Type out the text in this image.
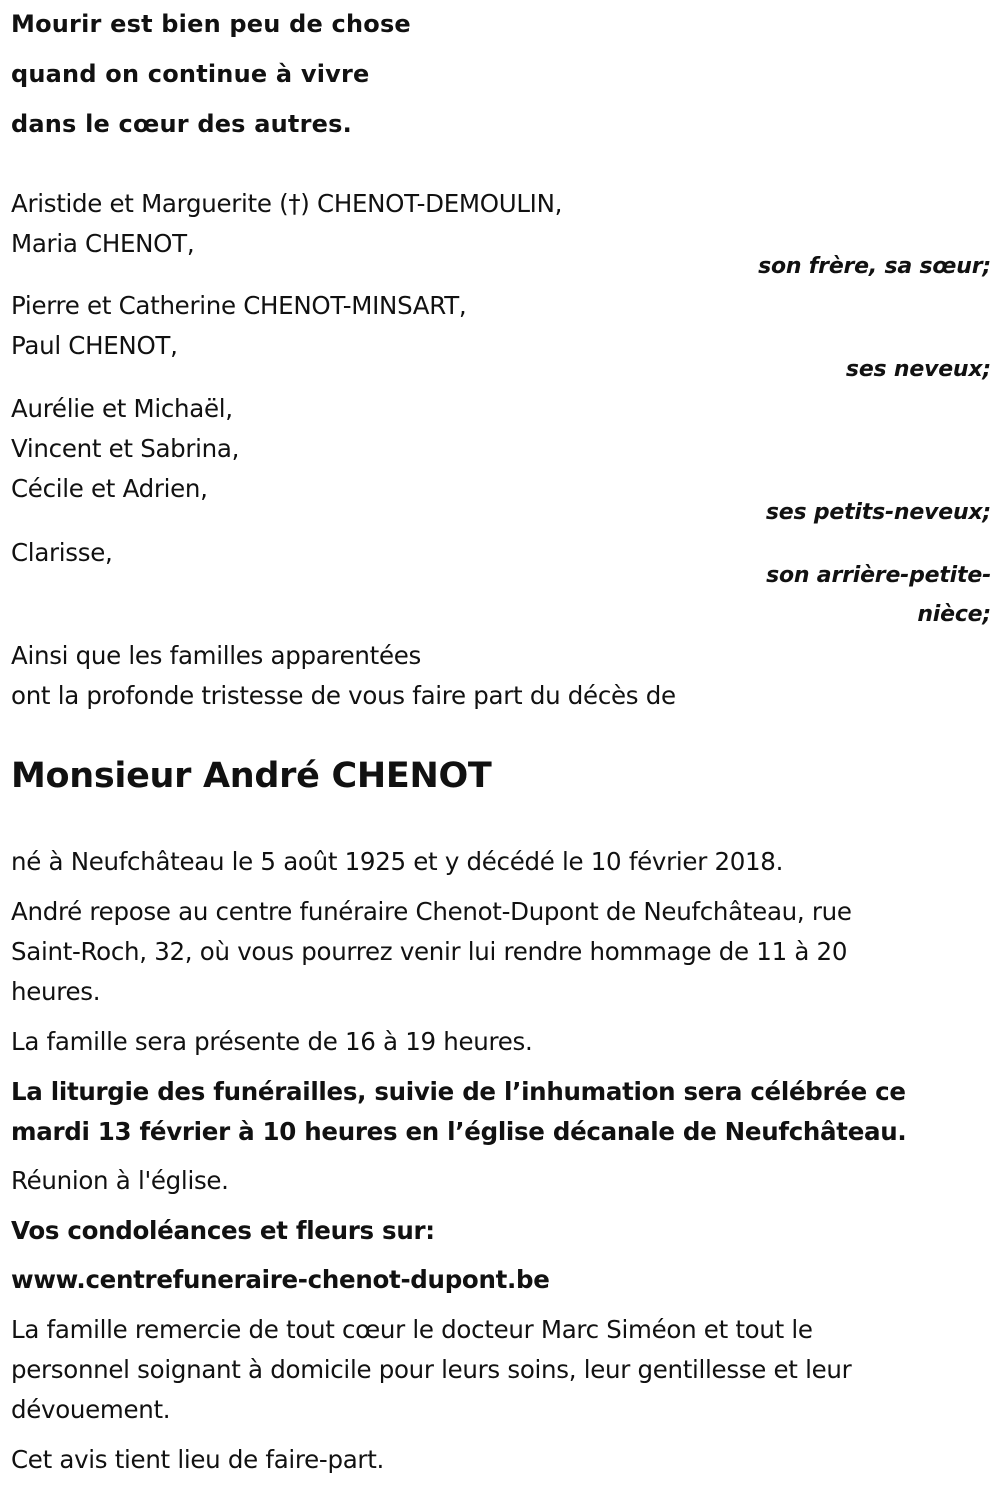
Mourir est bien peu de chose
quand on continue à vivre
dans le cœur des autres.
Aristide et Marguerite (†) CHENOT-DEMOULIN,
Maria CHENOT,
son frère, sa sœur;
Pierre et Catherine CHENOT-MINSART,
Paul CHENOT,
ses neveux;
Aurélie et Michaël,
Vincent et Sabrina,
Cécile et Adrien,
ses petits-neveux;
Clarisse,
son arrière-petite-
nièce;
Ainsi que les familles apparentées
ont la profonde tristesse de vous faire part du décès de
Monsieur André CHENOT
né à Neufchâteau le 5 août 1925 et y décédé le 10 février 2018.
André repose au centre funéraire Chenot-Dupont de Neufchâteau, rue
Saint-Roch, 32, où vous pourrez venir lui rendre hommage de 11 à 20
heures.
La famille sera présente de 16 à 19 heures.
La liturgie des funérailles, suivie de l’inhumation sera célébrée ce
mardi 13 février à 10 heures en l’église décanale de Neufchâteau.
Réunion à l'église.
Vos condoléances et fleurs sur:
www.centrefuneraire-chenot-dupont.be
La famille remercie de tout cœur le docteur Marc Siméon et tout le
personnel soignant à domicile pour leurs soins, leur gentillesse et leur
dévouement.
Cet avis tient lieu de faire-part.
